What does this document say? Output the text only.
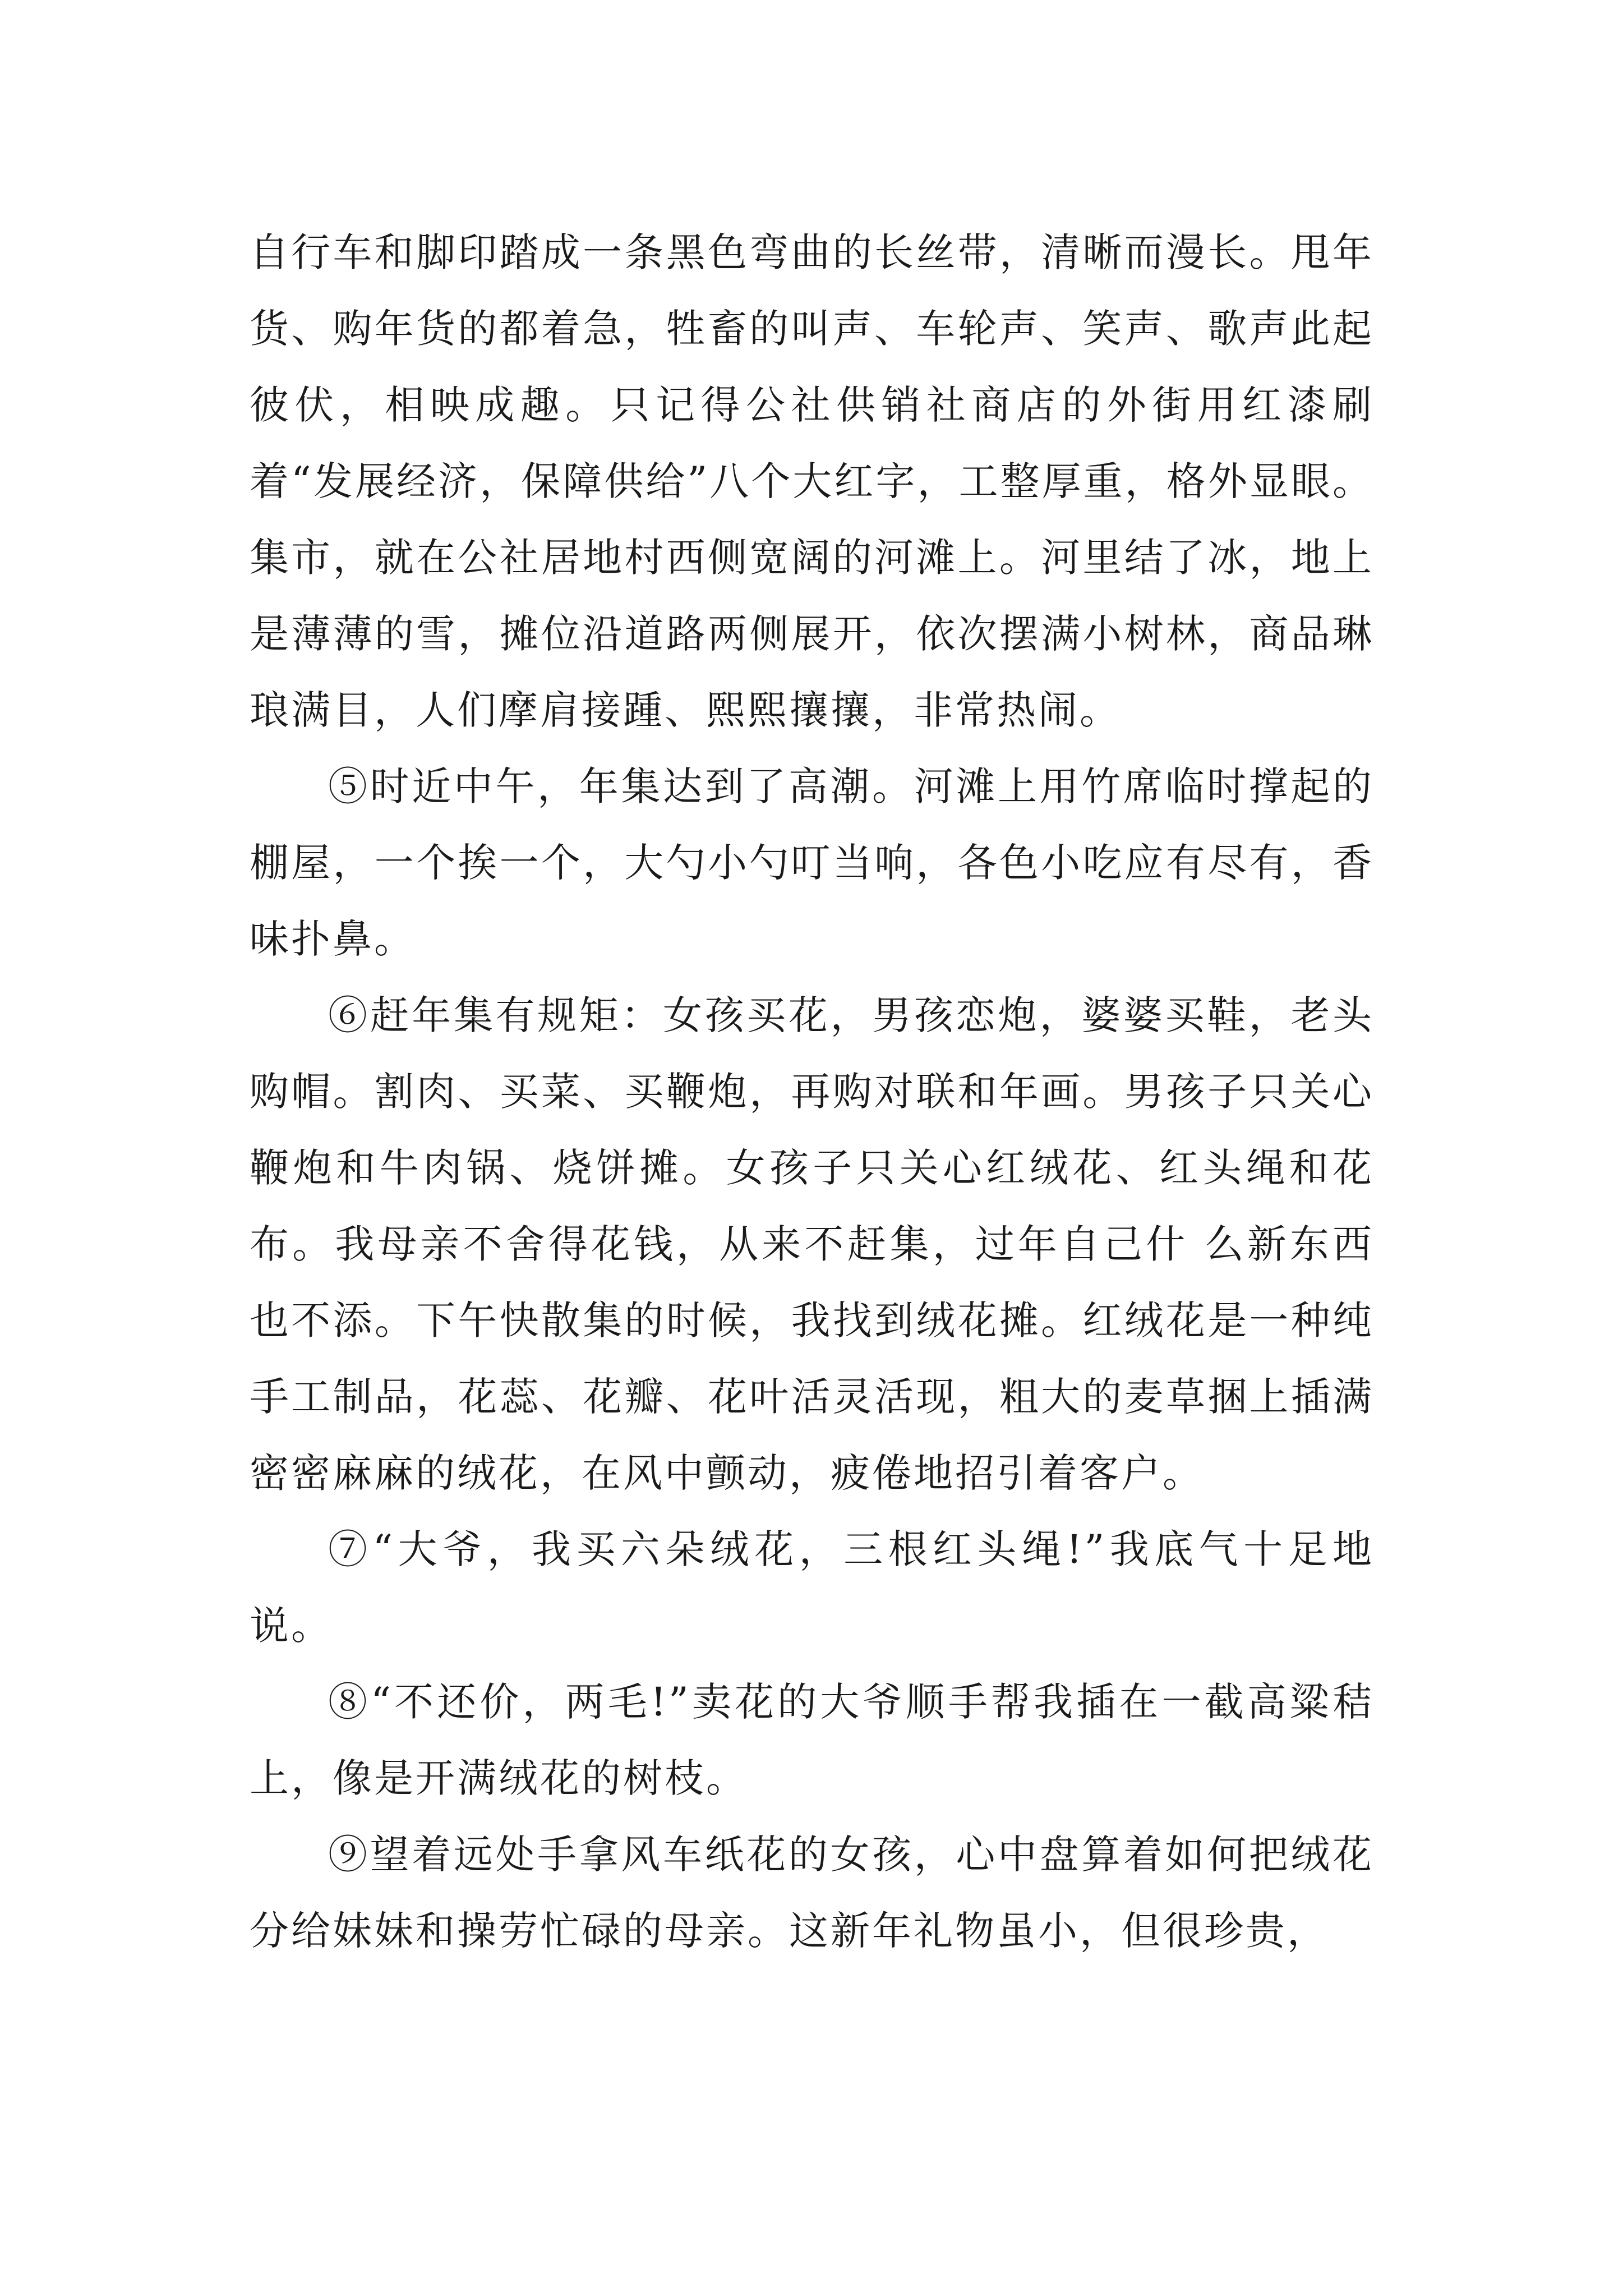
自行车和脚印踏成一条黑色弯曲的长丝带，清晰而漫长。甩年货、购年货的都着急，牲畜的叫声、车轮声、笑声、歌声此起彼伏，相映成趣。只记得公社供销社商店的外街用红漆刷着“发展经济，保障供给”八个大红字，工整厚重，格外显眼。集市，就在公社居地村西侧宽阔的河滩上。河里结了冰，地上是薄薄的雪，摊位沿道路两侧展开，依次摆满小树林，商品琳琅满目，人们摩肩接踵、熙熙攘攘，非常热闹。

⑤时近中午，年集达到了高潮。河滩上用竹席临时撑起的棚屋，一个挨一个，大勺小勺叮当响，各色小吃应有尽有，香味扑鼻。

⑥赶年集有规矩：女孩买花，男孩恋炮，婆婆买鞋，老头购帽。割肉、买菜、买鞭炮，再购对联和年画。男孩子只关心鞭炮和牛肉锅、烧饼摊。女孩子只关心红绒花、红头绳和花布。我母亲不舍得花钱，从来不赶集，过年自己什 么新东西也不添。下午快散集的时候，我找到绒花摊。红绒花是一种纯手工制品，花蕊、花瓣、花叶活灵活现，粗大的麦草捆上插满密密麻麻的绒花，在风中颤动，疲倦地招引着客户。

⑦“大爷，我买六朵绒花，三根红头绳!”我底气十足地说。

⑧“不还价，两毛!”卖花的大爷顺手帮我插在一截高粱秸上，像是开满绒花的树枝。

⑨望着远处手拿风车纸花的女孩，心中盘算着如何把绒花分给妹妹和操劳忙碌的母亲。这新年礼物虽小，但很珍贵，
